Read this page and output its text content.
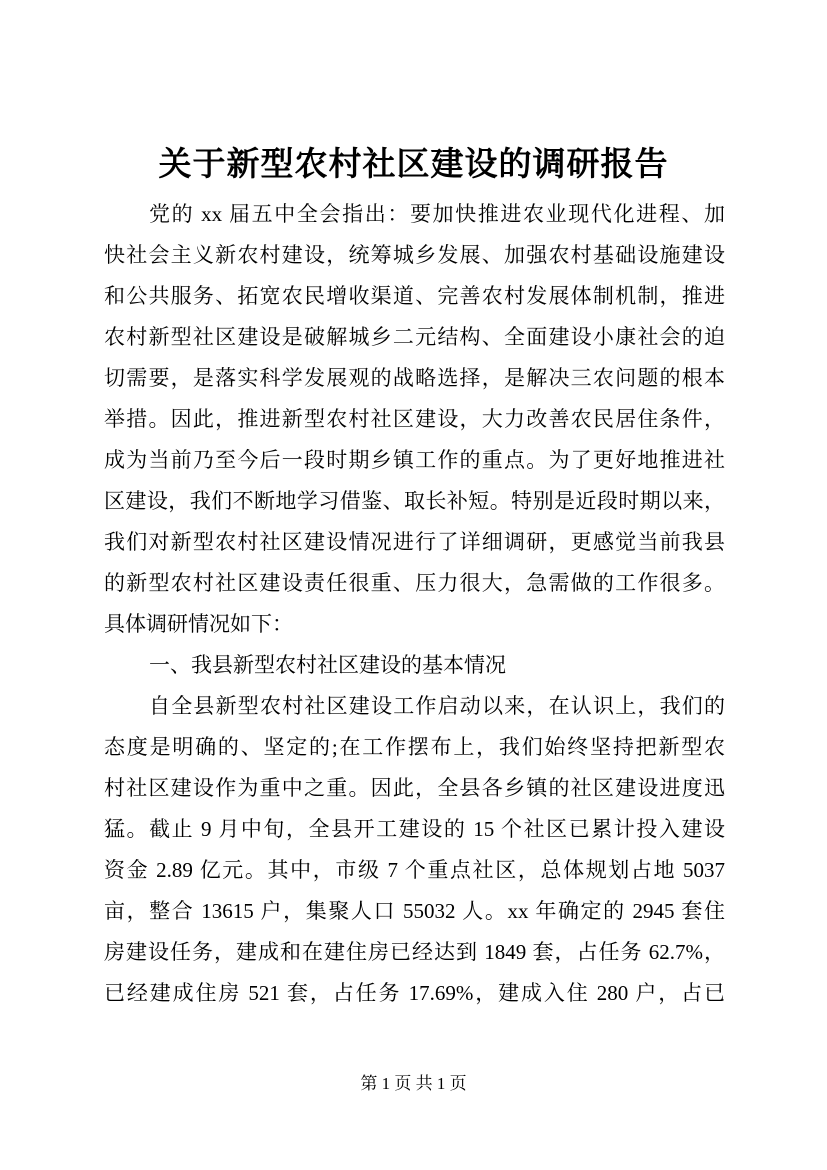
关于新型农村社区建设的调研报告

党的 xx 届五中全会指出：要加快推进农业现代化进程、加

快社会主义新农村建设，统筹城乡发展、加强农村基础设施建设

和公共服务、拓宽农民增收渠道、完善农村发展体制机制，推进

农村新型社区建设是破解城乡二元结构、全面建设小康社会的迫

切需要，是落实科学发展观的战略选择，是解决三农问题的根本

举措。因此，推进新型农村社区建设，大力改善农民居住条件，

成为当前乃至今后一段时期乡镇工作的重点。为了更好地推进社

区建设，我们不断地学习借鉴、取长补短。特别是近段时期以来，

我们对新型农村社区建设情况进行了详细调研，更感觉当前我县

的新型农村社区建设责任很重、压力很大，急需做的工作很多。

具体调研情况如下：

一、我县新型农村社区建设的基本情况

自全县新型农村社区建设工作启动以来，在认识上，我们的

态度是明确的、坚定的;在工作摆布上，我们始终坚持把新型农

村社区建设作为重中之重。因此，全县各乡镇的社区建设进度迅

猛。截止 9 月中旬，全县开工建设的 15 个社区已累计投入建设

资金 2.89 亿元。其中，市级 7 个重点社区，总体规划占地 5037

亩，整合 13615 户，集聚人口 55032 人。xx 年确定的 2945 套住

房建设任务，建成和在建住房已经达到 1849 套，占任务 62.7%，

已经建成住房 521 套，占任务 17.69%，建成入住 280 户，占已

第 1 页 共 1 页
